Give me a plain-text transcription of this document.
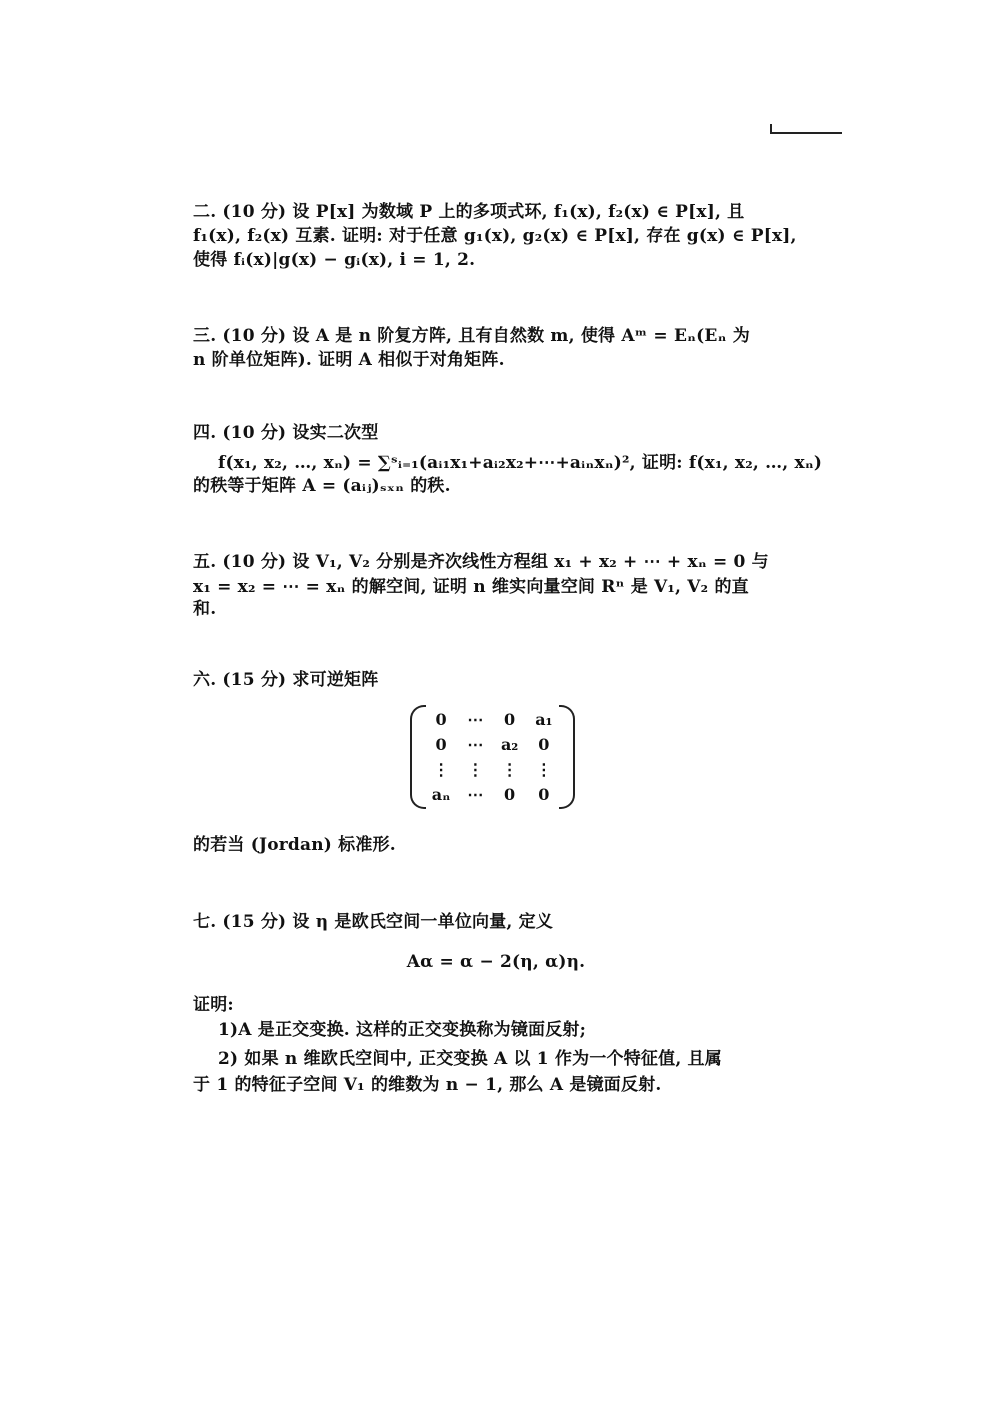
二. (10 分) 设 P[x] 为数域 P 上的多项式环, f₁(x), f₂(x) ∈ P[x], 且
f₁(x), f₂(x) 互素. 证明: 对于任意 g₁(x), g₂(x) ∈ P[x], 存在 g(x) ∈ P[x],
使得 fᵢ(x)|g(x) − gᵢ(x), i = 1, 2.
三. (10 分) 设 A 是 n 阶复方阵, 且有自然数 m, 使得 Aᵐ = Eₙ(Eₙ 为
n 阶单位矩阵). 证明 A 相似于对角矩阵.
四. (10 分) 设实二次型
f(x₁, x₂, …, xₙ) = ∑ˢᵢ₌₁(aᵢ₁x₁+aᵢ₂x₂+⋯+aᵢₙxₙ)², 证明: f(x₁, x₂, …, xₙ)
的秩等于矩阵 A = (aᵢⱼ)ₛₓₙ 的秩.
五. (10 分) 设 V₁, V₂ 分别是齐次线性方程组 x₁ + x₂ + ⋯ + xₙ = 0 与
x₁ = x₂ = ⋯ = xₙ 的解空间, 证明 n 维实向量空间 Rⁿ 是 V₁, V₂ 的直
和.
六. (15 分) 求可逆矩阵
0	⋯	0	a₁
0	⋯	a₂	0
⋮	⋮	⋮	⋮
aₙ	⋯	0	0
的若当 (Jordan) 标准形.
七. (15 分) 设 η 是欧氏空间一单位向量, 定义
𝐀α = α − 2(η, α)η.
证明:
1)𝐀 是正交变换. 这样的正交变换称为镜面反射;
2) 如果 n 维欧氏空间中, 正交变换 𝐀 以 1 作为一个特征值, 且属
于 1 的特征子空间 V₁ 的维数为 n − 1, 那么 A 是镜面反射.
